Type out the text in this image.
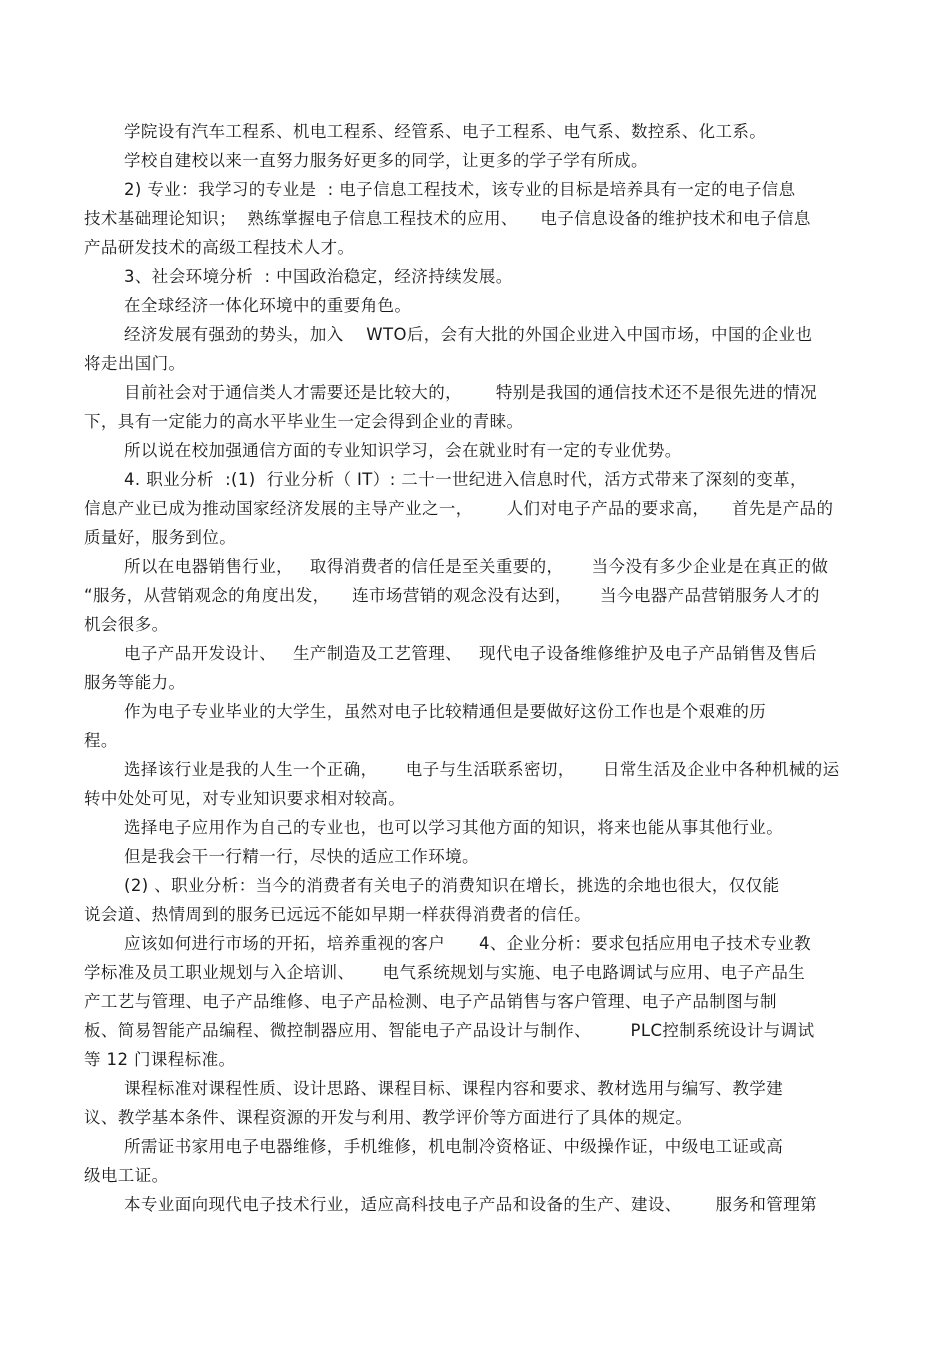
学院设有汽车工程系、机电工程系、经管系、电子工程系、电气系、数控系、化工系。
学校自建校以来一直努力服务好更多的同学，让更多的学子学有所成。
2) 专业：我学习的专业是  : 电子信息工程技术，该专业的目标是培养具有一定的电子信息
技术基础理论知识；  熟练掌握电子信息工程技术的应用、    电子信息设备的维护技术和电子信息
产品研发技术的高级工程技术人才。
3、社会环境分析  : 中国政治稳定，经济持续发展。
在全球经济一体化环境中的重要角色。
经济发展有强劲的势头，加入    WTO后，会有大批的外国企业进入中国市场，中国的企业也
将走出国门。
目前社会对于通信类人才需要还是比较大的，      特别是我国的通信技术还不是很先进的情况
下，具有一定能力的高水平毕业生一定会得到企业的青睐。
所以说在校加强通信方面的专业知识学习，会在就业时有一定的专业优势。
4. 职业分析  :(1)  行业分析（ IT）: 二十一世纪进入信息时代，活方式带来了深刻的变革，
信息产业已成为推动国家经济发展的主导产业之一，      人们对电子产品的要求高，    首先是产品的
质量好，服务到位。
所以在电器销售行业，   取得消费者的信任是至关重要的，     当今没有多少企业是在真正的做
“服务，从营销观念的角度出发，    连市场营销的观念没有达到，     当今电器产品营销服务人才的
机会很多。
电子产品开发设计、   生产制造及工艺管理、   现代电子设备维修维护及电子产品销售及售后
服务等能力。
作为电子专业毕业的大学生，虽然对电子比较精通但是要做好这份工作也是个艰难的历
程。
选择该行业是我的人生一个正确，     电子与生活联系密切，     日常生活及企业中各种机械的运
转中处处可见，对专业知识要求相对较高。
选择电子应用作为自己的专业也，也可以学习其他方面的知识，将来也能从事其他行业。
但是我会干一行精一行，尽快的适应工作环境。
(2) 、职业分析：当今的消费者有关电子的消费知识在增长，挑选的余地也很大，仅仅能
说会道、热情周到的服务已远远不能如早期一样获得消费者的信任。
应该如何进行市场的开拓，培养重视的客户      4、企业分析：要求包括应用电子技术专业教
学标准及员工职业规划与入企培训、     电气系统规划与实施、电子电路调试与应用、电子产品生
产工艺与管理、电子产品维修、电子产品检测、电子产品销售与客户管理、电子产品制图与制
板、简易智能产品编程、微控制器应用、智能电子产品设计与制作、       PLC控制系统设计与调试
等 12 门课程标准。
课程标准对课程性质、设计思路、课程目标、课程内容和要求、教材选用与编写、教学建
议、教学基本条件、课程资源的开发与利用、教学评价等方面进行了具体的规定。
所需证书家用电子电器维修，手机维修，机电制冷资格证、中级操作证，中级电工证或高
级电工证。
本专业面向现代电子技术行业，适应高科技电子产品和设备的生产、建设、      服务和管理第
